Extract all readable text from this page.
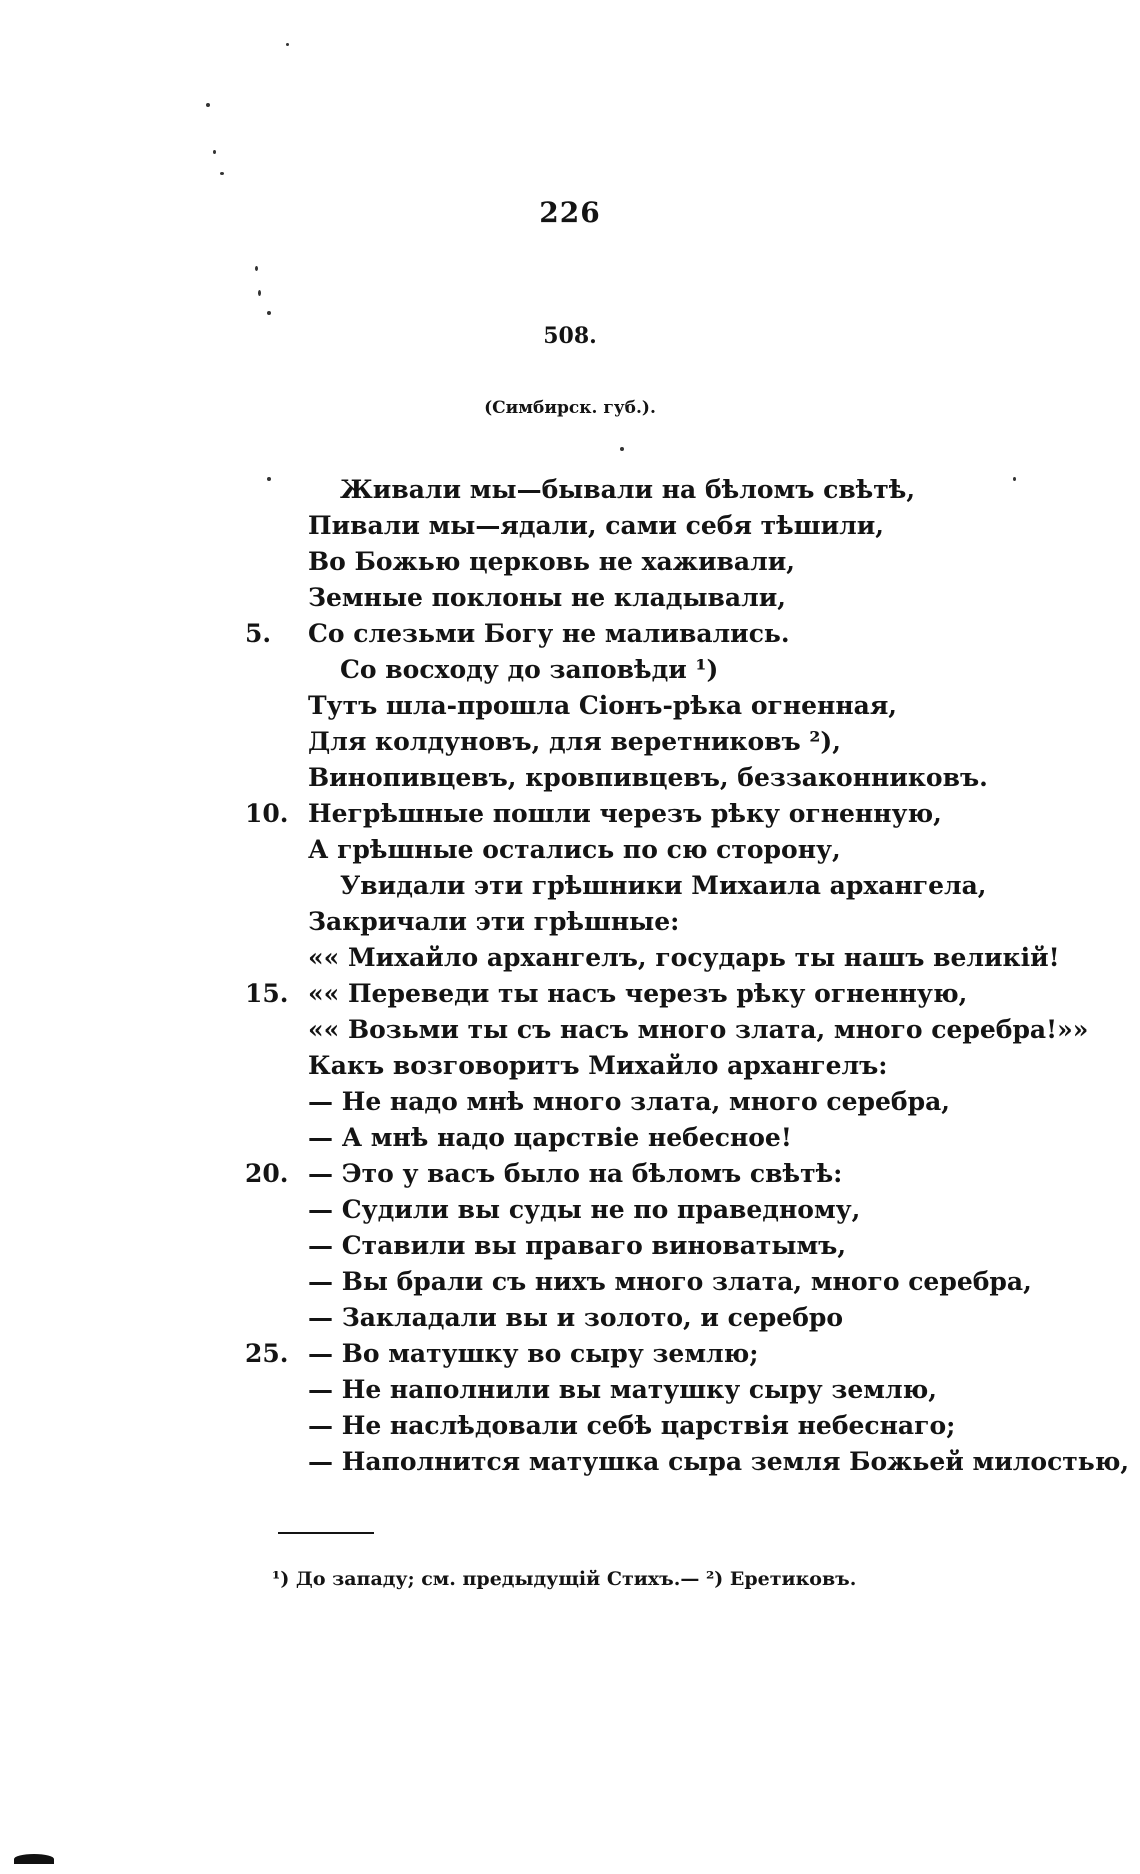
226
508.
(Симбирск. губ.).
Живали мы—бывали на бѣломъ свѣтѣ,
Пивали мы—ядали, сами себя тѣшили,
Во Божью церковь не хаживали,
Земные поклоны не кладывали,
5.	Со слезьми Богу не маливались.
Со восходу до заповѣди ¹)
Тутъ шла-прошла Сіонъ-рѣка огненная,
Для колдуновъ, для веретниковъ ²),
Винопивцевъ, кровпивцевъ, беззаконниковъ.
10. Негрѣшные пошли черезъ рѣку огненную,
А грѣшные остались по сю сторону,
Увидали эти грѣшники Михаила архангела,
Закричали эти грѣшные:
«« Михайло архангелъ, государь ты нашъ великій!
15. «« Переведи ты насъ черезъ рѣку огненную,
«« Возьми ты съ насъ много злата, много серебра!»»
Какъ возговоритъ Михайло архангелъ:
— Не надо мнѣ много злата, много серебра,
— А мнѣ надо царствіе небесное!
20. — Это у васъ было на бѣломъ свѣтѣ:
— Судили вы суды не по праведному,
— Ставили вы праваго виноватымъ,
— Вы брали съ нихъ много злата, много серебра,
— Закладали вы и золото, и серебро
25. — Во матушку во сыру землю;
— Не наполнили вы матушку сыру землю,
— Не наслѣдовали себѣ царствія небеснаго;
— Наполнится матушка сыра земля Божьей милостью,
¹) До западу; см. предыдущій Стихъ.— ²) Еретиковъ.
